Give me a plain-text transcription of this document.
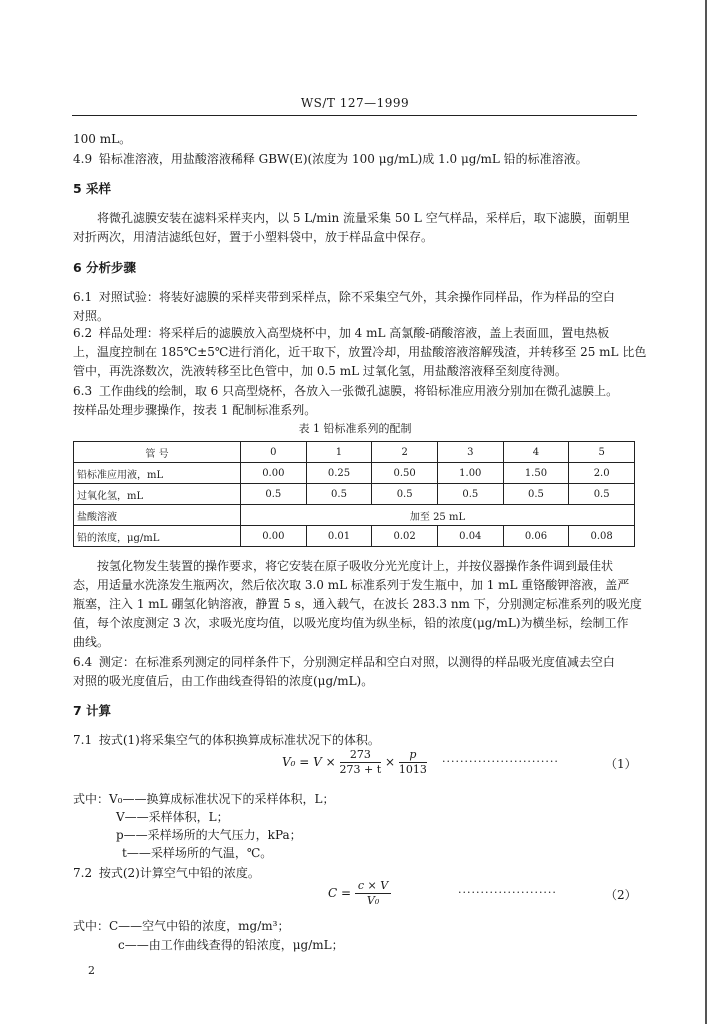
WS/T 127—1999
100 mL。
4.9 铅标准溶液，用盐酸溶液稀释 GBW(E)(浓度为 100 μg/mL)成 1.0 μg/mL 铅的标准溶液。
5 采样
将微孔滤膜安装在滤料采样夹内，以 5 L/min 流量采集 50 L 空气样品，采样后，取下滤膜，面朝里
对折两次，用清洁滤纸包好，置于小塑料袋中，放于样品盒中保存。
6 分析步骤
6.1 对照试验：将装好滤膜的采样夹带到采样点，除不采集空气外，其余操作同样品，作为样品的空白
对照。
6.2 样品处理：将采样后的滤膜放入高型烧杯中，加 4 mL 高氯酸-硝酸溶液，盖上表面皿，置电热板
上，温度控制在 185℃±5℃进行消化，近干取下，放置冷却，用盐酸溶液溶解残渣，并转移至 25 mL 比色
管中，再洗涤数次，洗液转移至比色管中，加 0.5 mL 过氧化氢，用盐酸溶液释至刻度待测。
6.3 工作曲线的绘制，取 6 只高型烧杯，各放入一张微孔滤膜，将铅标准应用液分别加在微孔滤膜上。
按样品处理步骤操作，按表 1 配制标准系列。
表 1 铅标准系列的配制
管 号	0	1	2	3	4	5
铅标准应用液，mL	0.00	0.25	0.50	1.00	1.50	2.0
过氧化氢，mL	0.5	0.5	0.5	0.5	0.5	0.5
盐酸溶液	加至 25 mL					
铅的浓度，μg/mL	0.00	0.01	0.02	0.04	0.06	0.08
按氢化物发生装置的操作要求，将它安装在原子吸收分光光度计上，并按仪器操作条件调到最佳状
态，用适量水洗涤发生瓶两次，然后依次取 3.0 mL 标准系列于发生瓶中，加 1 mL 重铬酸钾溶液，盖严
瓶塞，注入 1 mL 硼氢化钠溶液，静置 5 s，通入载气，在波长 283.3 nm 下，分别测定标准系列的吸光度
值，每个浓度测定 3 次，求吸光度均值，以吸光度均值为纵坐标，铅的浓度(μg/mL)为横坐标，绘制工作
曲线。
6.4 测定：在标准系列测定的同样条件下，分别测定样品和空白对照，以测得的样品吸光度值减去空白
对照的吸光度值后，由工作曲线查得铅的浓度(μg/mL)。
7 计算
7.1 按式(1)将采集空气的体积换算成标准状况下的体积。
$V_0 = V \times \frac{273}{273 + t} \times \frac{p}{1013}$ ··························	（1）
式中：V₀——换算成标准状况下的采样体积，L；
V——采样体积，L；
p——采样场所的大气压力，kPa；
t——采样场所的气温，℃。
7.2 按式(2)计算空气中铅的浓度。
$C = \frac{c \times V}{\text{V₀}}$	······················	（2）
式中：C——空气中铅的浓度，mg/m³；
c——由工作曲线查得的铅浓度，μg/mL；
2
